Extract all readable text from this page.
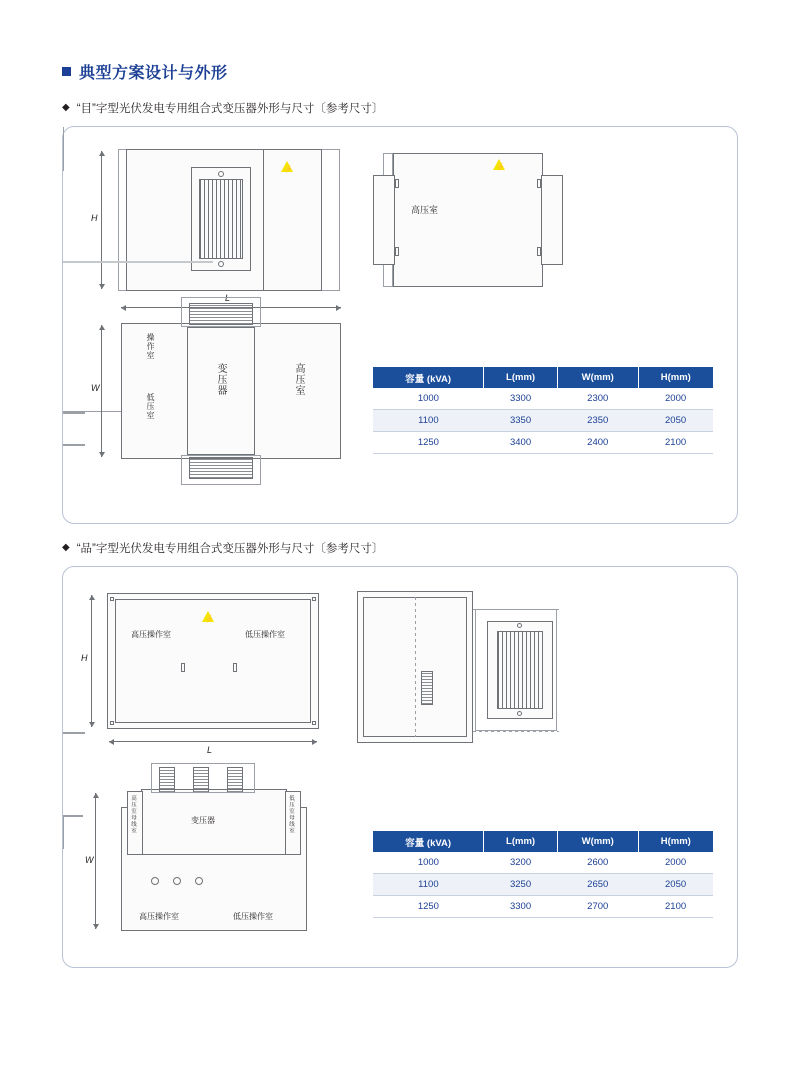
典型方案设计与外形
◆ “目”字型光伏发电专用组合式变压器外形与尺寸〔参考尺寸〕
⚡
H
L
操作室
低压室
变压器	高压室
W
⚡
高压室
容量 (kVA)	L(mm)	W(mm)	H(mm)
1000	3300	2300	2000
1100	3350	2350	2050
1250	3400	2400	2100
◆ “品”字型光伏发电专用组合式变压器外形与尺寸〔参考尺寸〕
⚡
高压操作室	低压操作室
H
L
变压器
高压室母线室	低压室母线室
高压操作室	低压操作室
W
容量 (kVA)	L(mm)	W(mm)	H(mm)
1000	3200	2600	2000
1100	3250	2650	2050
1250	3300	2700	2100
